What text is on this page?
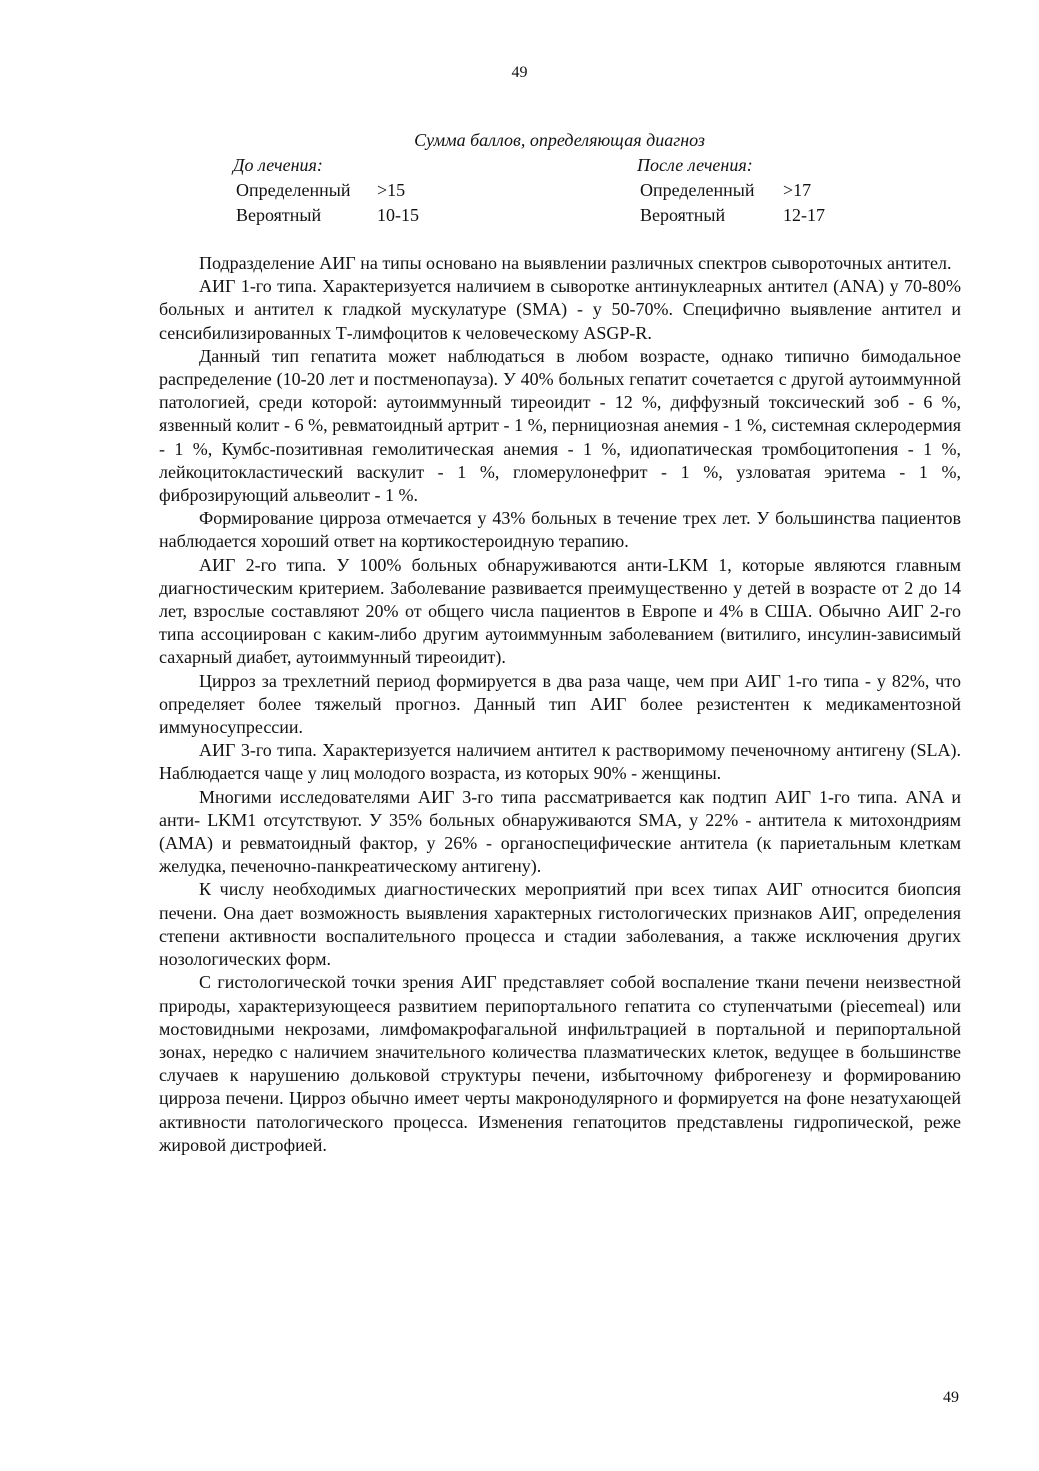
49
Сумма баллов, определяющая диагноз
До лечения:
Определенный	>15
Вероятный	10-15
После лечения:
Определенный	>17
Вероятный	12-17

Подразделение АИГ на типы основано на выявлении различных спектров сывороточных антител.

АИГ 1-го типа. Характеризуется наличием в сыворотке антинуклеарных антител (ANA) у 70-80% больных и антител к гладкой мускулатуре (SMA) - у 50-70%. Специфично выявление антител и сенсибилизированных Т-лимфоцитов к человеческому ASGP-R.

Данный тип гепатита может наблюдаться в любом возрасте, однако типично бимодальное распределение (10-20 лет и постменопауза). У 40% больных гепатит сочетается с другой аутоиммунной патологией, среди которой: аутоиммунный тиреоидит - 12 %, диффузный токсический зоб - 6 %, язвенный колит - 6 %, ревматоидный артрит - 1 %, пернициозная анемия - 1 %, системная склеродермия - 1 %, Кумбс-позитивная гемолитическая анемия - 1 %, идиопатическая тромбоцитопения - 1 %, лейкоцитокластический васкулит - 1 %, гломерулонефрит - 1 %, узловатая эритема - 1 %, фиброзирующий альвеолит - 1 %.

Формирование цирроза отмечается у 43% больных в течение трех лет. У большинства пациентов наблюдается хороший ответ на кортикостероидную терапию.

АИГ 2-го типа. У 100% больных обнаруживаются анти-LKM 1, которые являются главным диагностическим критерием. Заболевание развивается преимущественно у детей в возрасте от 2 до 14 лет, взрослые составляют 20% от общего числа пациентов в Европе и 4% в США. Обычно АИГ 2-го типа ассоциирован с каким-либо другим аутоиммунным заболеванием (витилиго, инсулин-зависимый сахарный диабет, аутоиммунный тиреоидит).

Цирроз за трехлетний период формируется в два раза чаще, чем при АИГ 1-го типа - у 82%, что определяет более тяжелый прогноз. Данный тип АИГ более резистентен к медикаментозной иммуносупрессии.

АИГ 3-го типа. Характеризуется наличием антител к растворимому печеночному антигену (SLA). Наблюдается чаще у лиц молодого возраста, из которых 90% - женщины.

Многими исследователями АИГ 3-го типа рассматривается как подтип АИГ 1-го типа. ANA и анти- LKM1 отсутствуют. У 35% больных обнаруживаются SMA, у 22% - антитела к митохондриям (AMA) и ревматоидный фактор, у 26% - органоспецифические антитела (к париетальным клеткам желудка, печеночно-панкреатическому антигену).

К числу необходимых диагностических мероприятий при всех типах АИГ относится биопсия печени. Она дает возможность выявления характерных гистологических признаков АИГ, определения степени активности воспалительного процесса и стадии заболевания, а также исключения других нозологических форм.

С гистологической точки зрения АИГ представляет собой воспаление ткани печени неизвестной природы, характеризующееся развитием перипортального гепатита со ступенчатыми (piecemeal) или мостовидными некрозами, лимфомакрофагальной инфильтрацией в портальной и перипортальной зонах, нередко с наличием значительного количества плазматических клеток, ведущее в большинстве случаев к нарушению дольковой структуры печени, избыточному фиброгенезу и формированию цирроза печени. Цирроз обычно имеет черты макронодулярного и формируется на фоне незатухающей активности патологического процесса. Изменения гепатоцитов представлены гидропической, реже жировой дистрофией.

49
